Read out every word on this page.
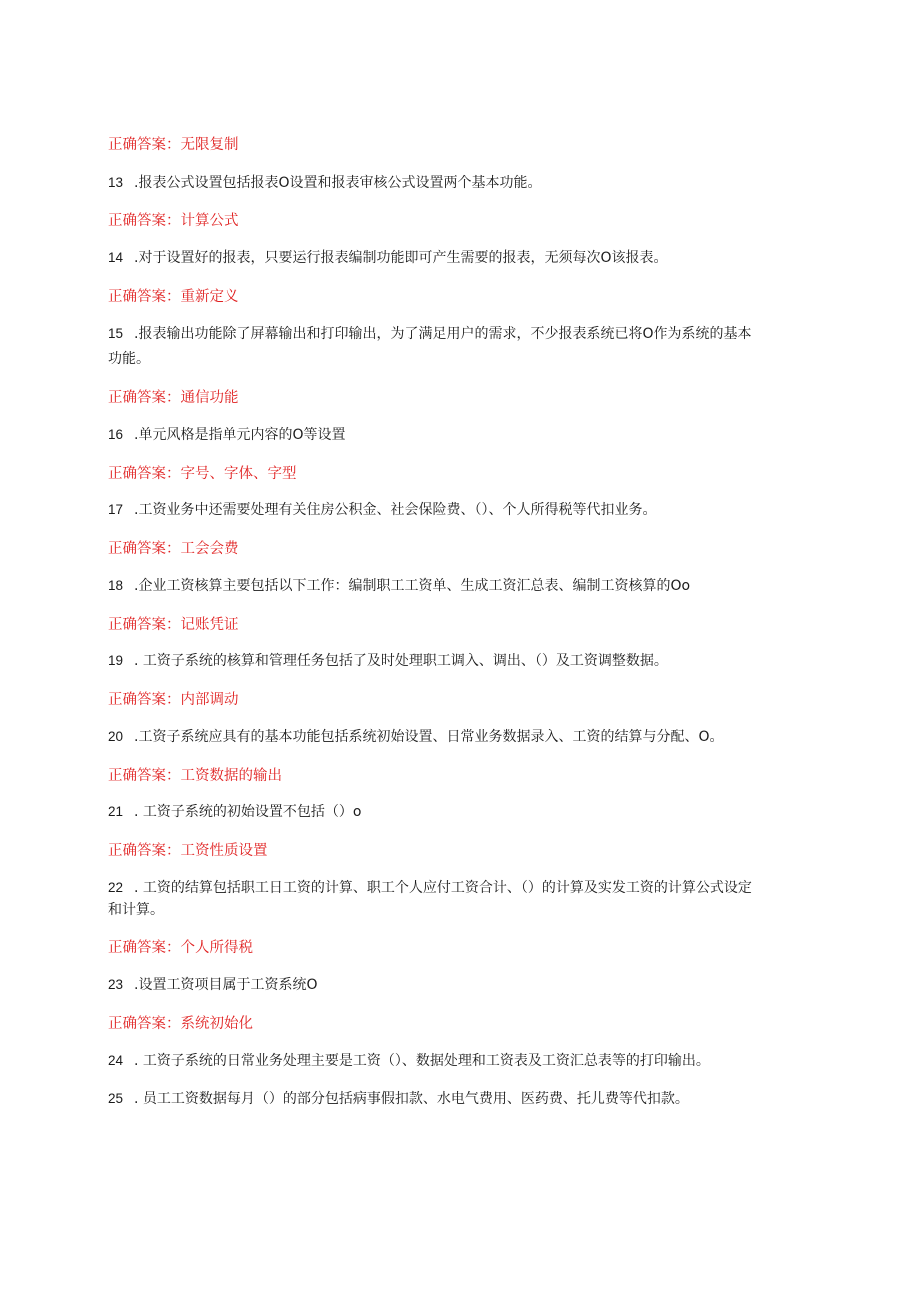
正确答案：无限复制
13 .报表公式设置包括报表O设置和报表审核公式设置两个基本功能。
正确答案：计算公式
14 .对于设置好的报表，只要运行报表编制功能即可产生需要的报表，无须每次O该报表。
正确答案：重新定义
15 .报表输出功能除了屏幕输出和打印输出，为了满足用户的需求，不少报表系统已将O作为系统的基本
功能。
正确答案：通信功能
16 .单元风格是指单元内容的O等设置
正确答案：字号、字体、字型
17 .工资业务中还需要处理有关住房公积金、社会保险费、（）、个人所得税等代扣业务。
正确答案：工会会费
18 .企业工资核算主要包括以下工作：编制职工工资单、生成工资汇总表、编制工资核算的Oo
正确答案：记账凭证
19 . 工资子系统的核算和管理任务包括了及时处理职工调入、调出、（）及工资调整数据。
正确答案：内部调动
20 .工资子系统应具有的基本功能包括系统初始设置、日常业务数据录入、工资的结算与分配、O。
正确答案：工资数据的输出
21 . 工资子系统的初始设置不包括（）o
正确答案：工资性质设置
22 . 工资的结算包括职工日工资的计算、职工个人应付工资合计、（）的计算及实发工资的计算公式设定
和计算。
正确答案：个人所得税
23 .设置工资项目属于工资系统O
正确答案：系统初始化
24 . 工资子系统的日常业务处理主要是工资（）、数据处理和工资表及工资汇总表等的打印输出。
25 . 员工工资数据每月（）的部分包括病事假扣款、水电气费用、医药费、托儿费等代扣款。
